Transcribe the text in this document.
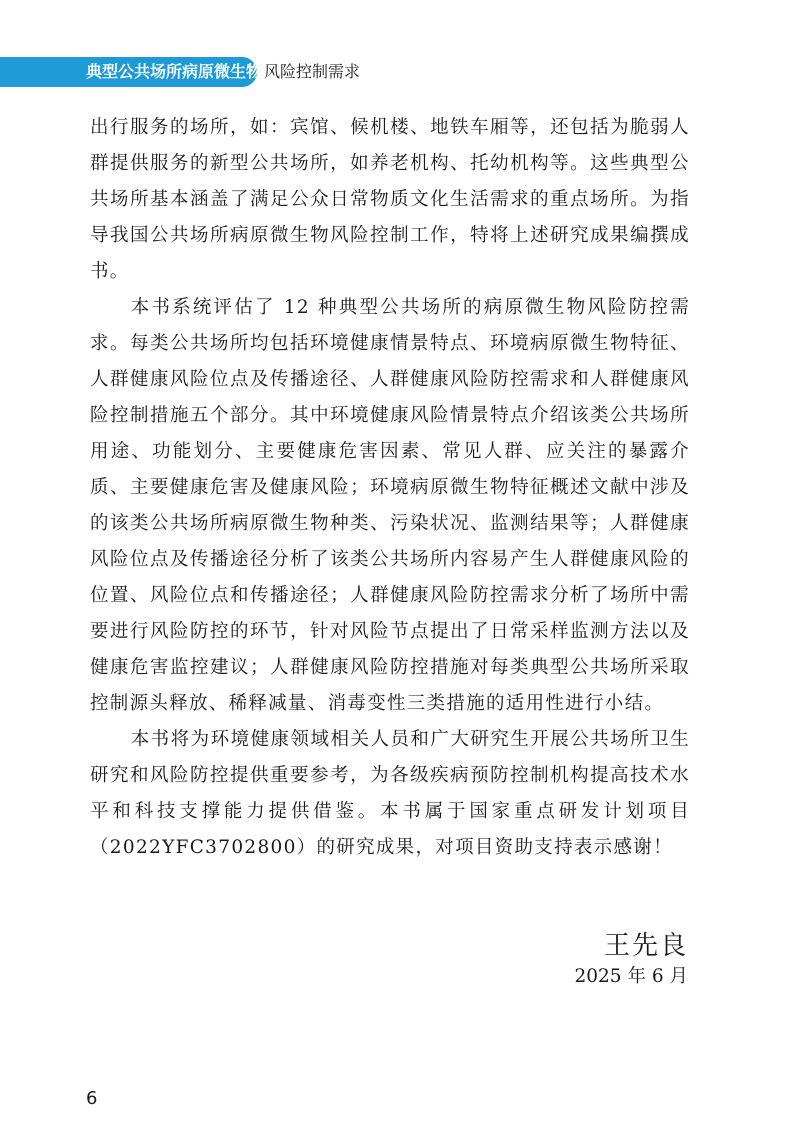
典型公共场所病原微生物 风险控制需求

出行服务的场所，如：宾馆、候机楼、地铁车厢等，还包括为脆弱人群提供服务的新型公共场所，如养老机构、托幼机构等。这些典型公共场所基本涵盖了满足公众日常物质文化生活需求的重点场所。为指导我国公共场所病原微生物风险控制工作，特将上述研究成果编撰成书。

本书系统评估了 12 种典型公共场所的病原微生物风险防控需求。每类公共场所均包括环境健康情景特点、环境病原微生物特征、人群健康风险位点及传播途径、人群健康风险防控需求和人群健康风险控制措施五个部分。其中环境健康风险情景特点介绍该类公共场所用途、功能划分、主要健康危害因素、常见人群、应关注的暴露介质、主要健康危害及健康风险；环境病原微生物特征概述文献中涉及的该类公共场所病原微生物种类、污染状况、监测结果等；人群健康风险位点及传播途径分析了该类公共场所内容易产生人群健康风险的位置、风险位点和传播途径；人群健康风险防控需求分析了场所中需要进行风险防控的环节，针对风险节点提出了日常采样监测方法以及健康危害监控建议；人群健康风险防控措施对每类典型公共场所采取控制源头释放、稀释减量、消毒变性三类措施的适用性进行小结。

本书将为环境健康领域相关人员和广大研究生开展公共场所卫生研究和风险防控提供重要参考，为各级疾病预防控制机构提高技术水平和科技支撑能力提供借鉴。本书属于国家重点研发计划项目（2022YFC3702800）的研究成果，对项目资助支持表示感谢！

王先良
2025 年 6 月
6
